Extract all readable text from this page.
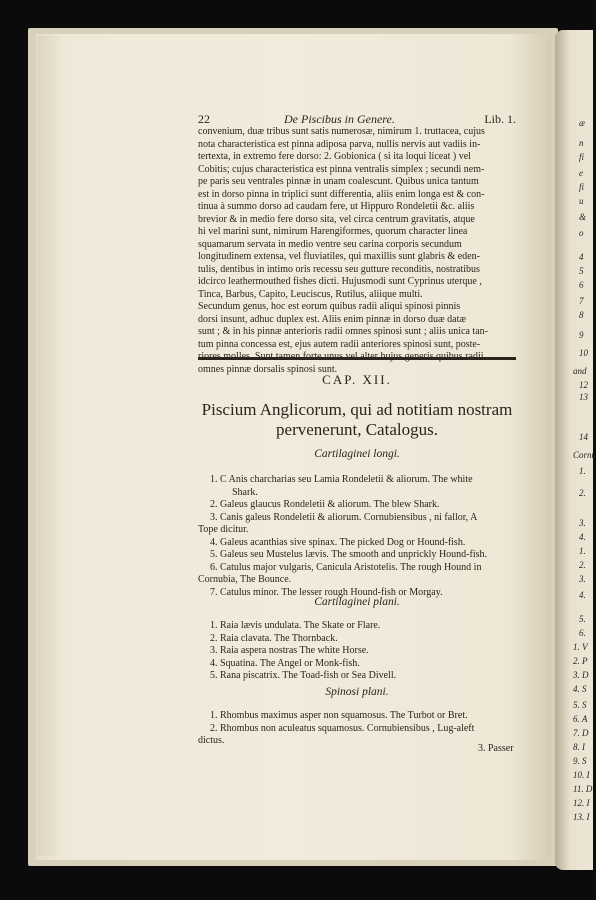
æ
n
fi
e
fi
u
&
o
4
5
6
7
8
9
10
and
12
13
14
Cornu
1.
2.
3.
4.
1.
2.
3.
4.
5.
6.
1. V
2. P
3. D
4. S
5. S
6. A
7. D
8. I
9. S
10. I
11. D
12. I
13. I
22	De Piscibus in Genere.	Lib. 1.
convenium, duæ tribus sunt satis numerosæ, nimirum 1. truttacea, cujus
nota characteristica est pinna adiposa parva, nullis nervis aut vadiis in-
tertexta, in extremo fere dorso: 2. Gobionica ( si ita loqui liceat ) vel
Cobitis; cujus characteristica est pinna ventralis simplex ; secundi nem-
pe paris seu ventrales pinnæ in unam coalescunt. Quibus unica tantum
est in dorso pinna in triplici sunt differentia, aliis enim longa est & con-
tinua à summo dorso ad caudam fere, ut Hippuro Rondeletii &c. aliis
brevior & in medio fere dorso sita, vel circa centrum gravitatis, atque
hi vel marini sunt, nimirum Harengiformes, quorum character linea
squamarum servata in medio ventre seu carina corporis secundum
longitudinem extensa, vel fluviatiles, qui maxillis sunt glabris & eden-
tulis, dentibus in intimo oris recessu seu gutture reconditis, nostratibus
idcirco leathermouthed fishes dicti. Hujusmodi sunt Cyprinus uterque ,
Tinca, Barbus, Capito, Leuciscus, Rutilus, aliique multi.
Secundum genus, hoc est eorum quibus radii aliqui spinosi pinnis
dorsi insunt, adhuc duplex est. Aliis enim pinnæ in dorso duæ datæ
sunt ; & in his pinnæ anterioris radii omnes spinosi sunt ; aliis unica tan-
tum pinna concessa est, ejus autem radii anteriores spinosi sunt, poste-
omnes pinnæ dorsalis spinosi sunt.
CAP. XII.
Piscium Anglicorum, qui ad notitiam nostram
pervenerunt, Catalogus.
Cartilaginei longi.
1. C Anis charcharias seu Lamia Rondeletii & aliorum. The white
Shark.
2. Galeus glaucus Rondeletii & aliorum. The blew Shark.
3. Canis galeus Rondeletii & aliorum. Cornubiensibus , ni fallor, A
Tope dicitur.
4. Galeus acanthias sive spinax. The picked Dog or Hound-fish.
5. Galeus seu Mustelus lævis. The smooth and unprickly Hound-fish.
6. Catulus major vulgaris, Canicula Aristotelis. The rough Hound in
Cornubia, The Bounce.
7. Catulus minor. The lesser rough Hound-fish or Morgay.
Cartilaginei plani.
1. Raia lævis undulata. The Skate or Flare.
2. Raia clavata. The Thornback.
3. Raia aspera nostras The white Horse.
4. Squatina. The Angel or Monk-fish.
5. Rana piscatrix. The Toad-fish or Sea Divell.
Spinosi plani.
1. Rhombus maximus asper non squamosus. The Turbot or Bret.
2. Rhombus non aculeatus squamosus. Cornubiensibus , Lug-aleft
dictus.
3. Passer
